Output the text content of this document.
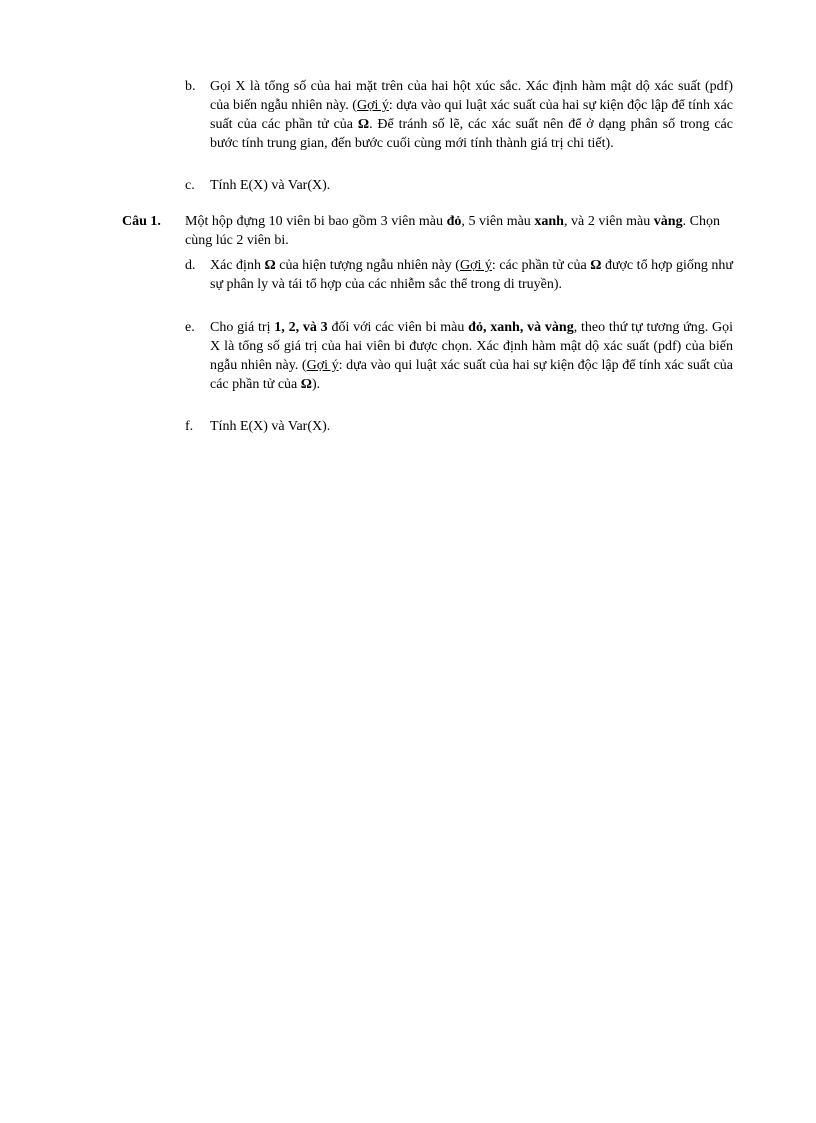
b. Gọi X là tổng số của hai mặt trên của hai hột xúc sắc. Xác định hàm mật dộ xác suất (pdf) của biến ngẫu nhiên này. (Gợi ý: dựa vào qui luật xác suất của hai sự kiện độc lập để tính xác suất của các phần tử của Ω. Để tránh số lẽ, các xác suất nên để ở dạng phân số trong các bước tính trung gian, đến bước cuối cùng mới tính thành giá trị chi tiết).
c. Tính E(X) và Var(X).
Câu 1. Một hộp đựng 10 viên bi bao gồm 3 viên màu đỏ, 5 viên màu xanh, và 2 viên màu vàng. Chọn cùng lúc 2 viên bi.
d. Xác định Ω của hiện tượng ngẫu nhiên này (Gợi ý: các phần tử của Ω được tổ hợp giống như sự phân ly và tái tổ hợp của các nhiễm sắc thể trong di truyền).
e. Cho giá trị 1, 2, và 3 đối với các viên bi màu đỏ, xanh, và vàng, theo thứ tự tương ứng. Gọi X là tổng số giá trị của hai viên bi được chọn. Xác định hàm mật dộ xác suất (pdf) của biến ngẫu nhiên này. (Gợi ý: dựa vào qui luật xác suất của hai sự kiện độc lập để tính xác suất của các phần tử của Ω).
f. Tính E(X) và Var(X).
